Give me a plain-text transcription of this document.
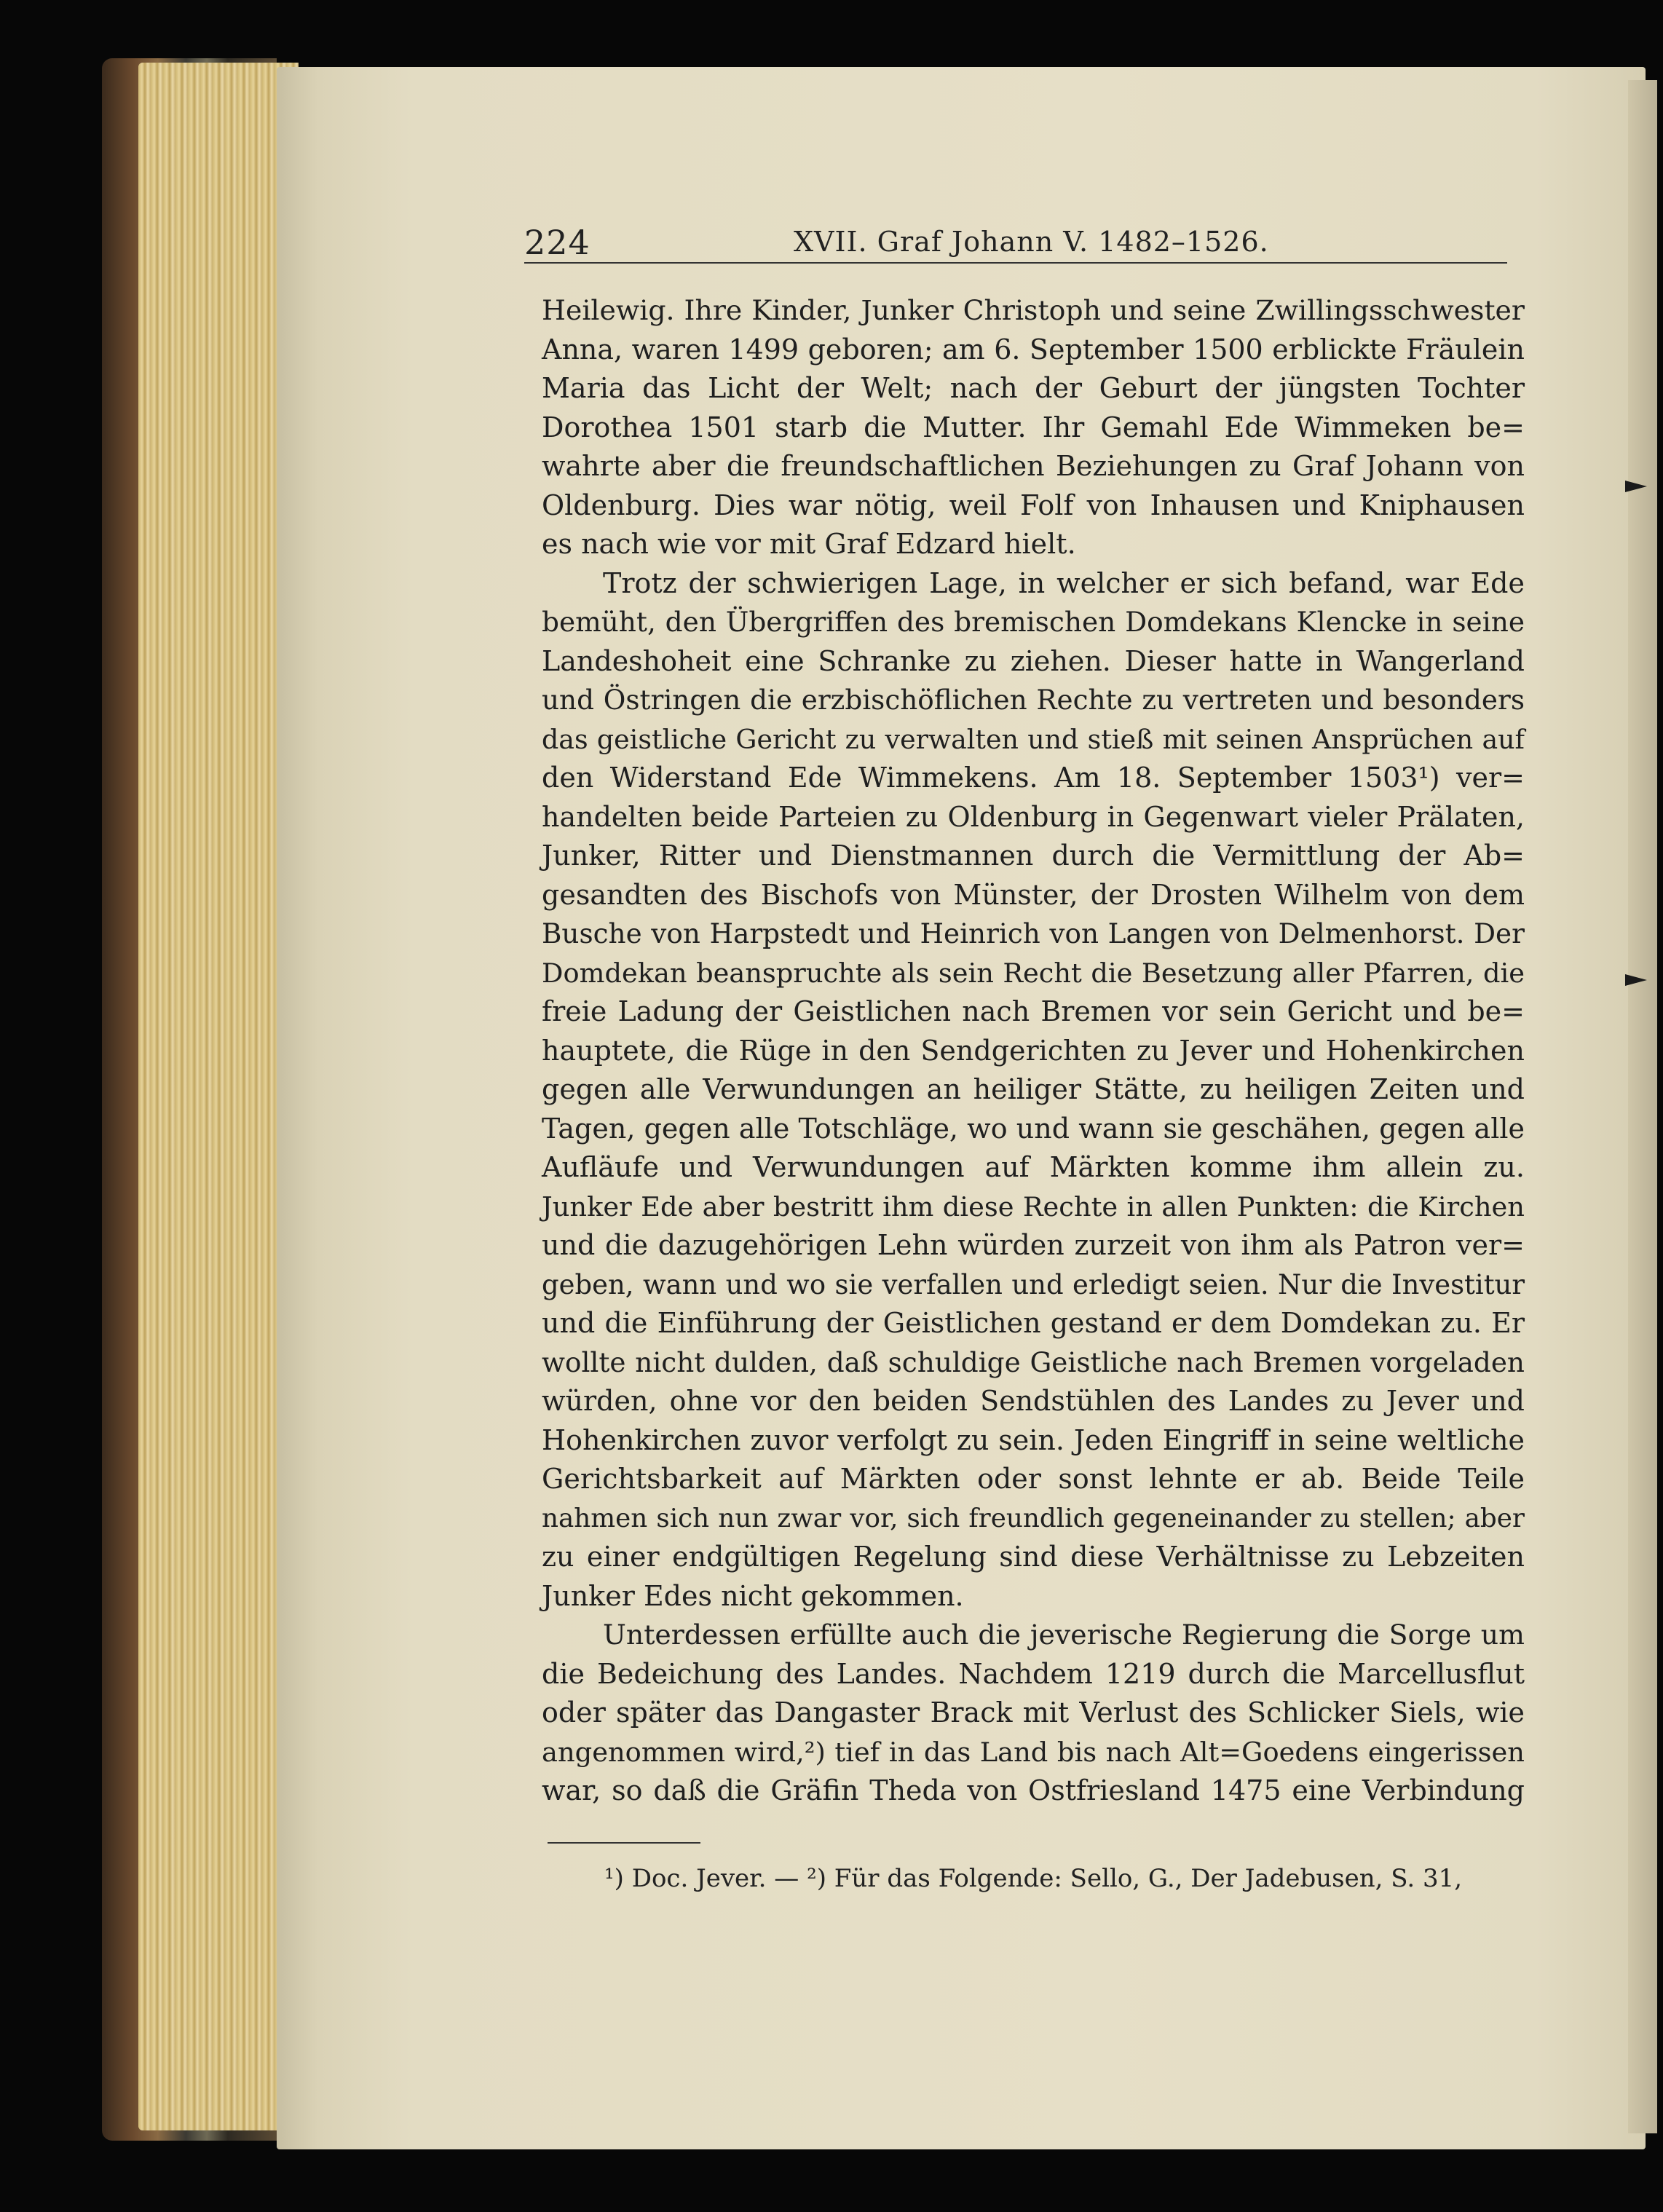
224	XVII. Graf Johann V. 1482–1526.
Heilewig. Ihre Kinder, Junker Christoph und seine Zwillingsschwester
Anna, waren 1499 geboren; am 6. September 1500 erblickte Fräulein
Maria das Licht der Welt; nach der Geburt der jüngsten Tochter
Dorothea 1501 starb die Mutter. Ihr Gemahl Ede Wimmeken be=
wahrte aber die freundschaftlichen Beziehungen zu Graf Johann von
Oldenburg. Dies war nötig, weil Folf von Inhausen und Kniphausen
es nach wie vor mit Graf Edzard hielt.
Trotz der schwierigen Lage, in welcher er sich befand, war Ede
bemüht, den Übergriffen des bremischen Domdekans Klencke in seine
Landeshoheit eine Schranke zu ziehen. Dieser hatte in Wangerland
und Östringen die erzbischöflichen Rechte zu vertreten und besonders
das geistliche Gericht zu verwalten und stieß mit seinen Ansprüchen auf
den Widerstand Ede Wimmekens. Am 18. September 1503¹) ver=
handelten beide Parteien zu Oldenburg in Gegenwart vieler Prälaten,
Junker, Ritter und Dienstmannen durch die Vermittlung der Ab=
gesandten des Bischofs von Münster, der Drosten Wilhelm von dem
Busche von Harpstedt und Heinrich von Langen von Delmenhorst. Der
Domdekan beanspruchte als sein Recht die Besetzung aller Pfarren, die
freie Ladung der Geistlichen nach Bremen vor sein Gericht und be=
hauptete, die Rüge in den Sendgerichten zu Jever und Hohenkirchen
gegen alle Verwundungen an heiliger Stätte, zu heiligen Zeiten und
Tagen, gegen alle Totschläge, wo und wann sie geschähen, gegen alle
Aufläufe und Verwundungen auf Märkten komme ihm allein zu.
Junker Ede aber bestritt ihm diese Rechte in allen Punkten: die Kirchen
und die dazugehörigen Lehn würden zurzeit von ihm als Patron ver=
geben, wann und wo sie verfallen und erledigt seien. Nur die Investitur
und die Einführung der Geistlichen gestand er dem Domdekan zu. Er
wollte nicht dulden, daß schuldige Geistliche nach Bremen vorgeladen
würden, ohne vor den beiden Sendstühlen des Landes zu Jever und
Hohenkirchen zuvor verfolgt zu sein. Jeden Eingriff in seine weltliche
Gerichtsbarkeit auf Märkten oder sonst lehnte er ab. Beide Teile
nahmen sich nun zwar vor, sich freundlich gegeneinander zu stellen; aber
zu einer endgültigen Regelung sind diese Verhältnisse zu Lebzeiten
Junker Edes nicht gekommen.
Unterdessen erfüllte auch die jeverische Regierung die Sorge um
die Bedeichung des Landes. Nachdem 1219 durch die Marcellusflut
oder später das Dangaster Brack mit Verlust des Schlicker Siels, wie
angenommen wird,²) tief in das Land bis nach Alt=Goedens eingerissen
war, so daß die Gräfin Theda von Ostfriesland 1475 eine Verbindung
¹) Doc. Jever. — ²) Für das Folgende: Sello, G., Der Jadebusen, S. 31,
